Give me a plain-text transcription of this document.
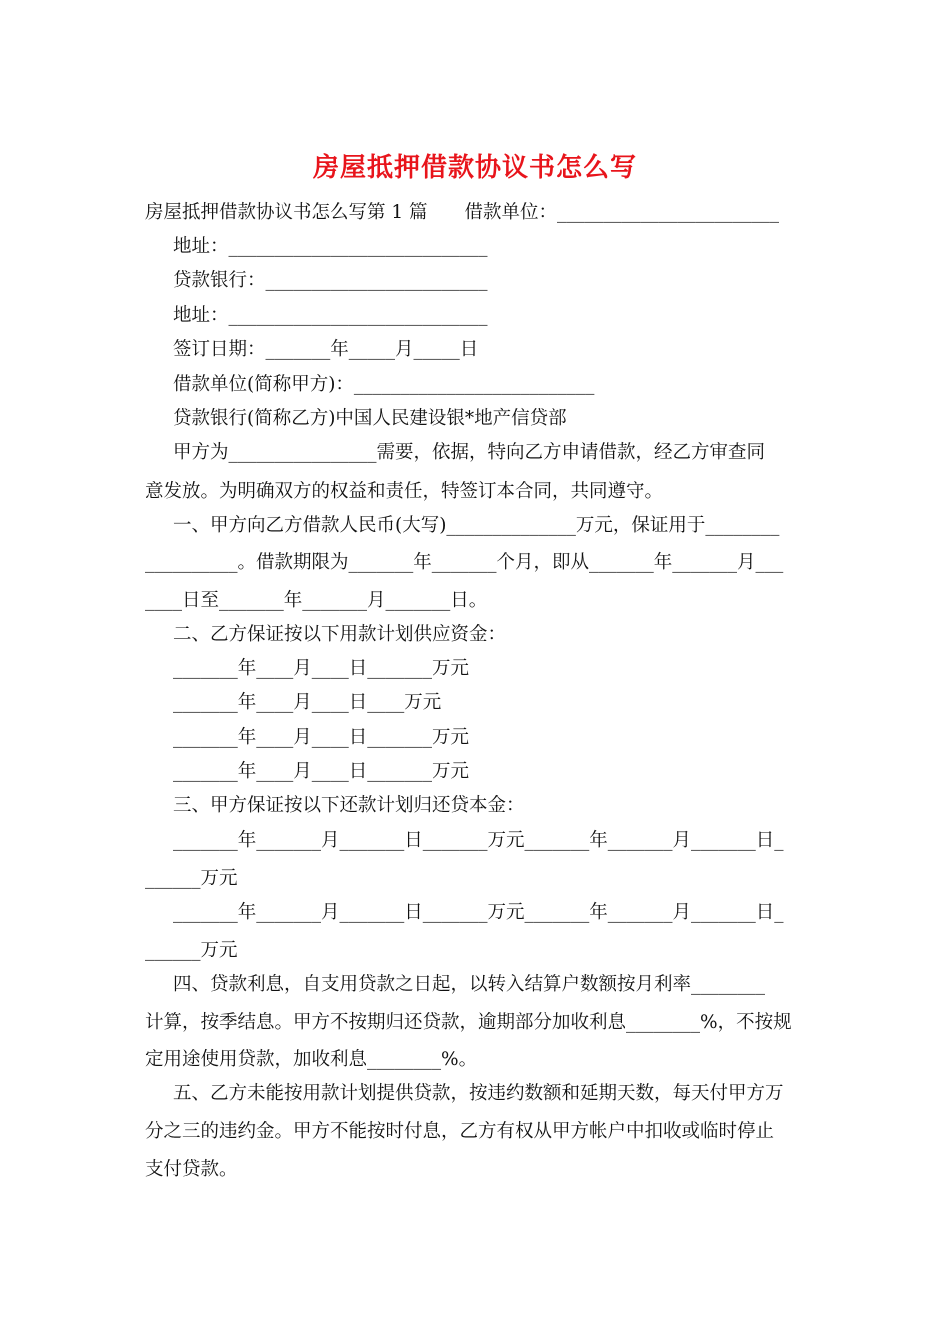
房屋抵押借款协议书怎么写
房屋抵押借款协议书怎么写第 1 篇　　借款单位：________________________
地址：____________________________
贷款银行：________________________
地址：____________________________
签订日期：_______年_____月_____日
借款单位(简称甲方)：__________________________
贷款银行(简称乙方)中国人民建设银*地产信贷部
甲方为________________需要，依据，特向乙方申请借款，经乙方审查同
意发放。为明确双方的权益和责任，特签订本合同，共同遵守。
一、甲方向乙方借款人民币(大写)______________万元，保证用于________
__________。借款期限为_______年_______个月，即从_______年_______月___
____日至_______年_______月_______日。
二、乙方保证按以下用款计划供应资金：
_______年____月____日_______万元
_______年____月____日____万元
_______年____月____日_______万元
_______年____月____日_______万元
三、甲方保证按以下还款计划归还贷本金：
_______年_______月_______日_______万元_______年_______月_______日_
______万元
_______年_______月_______日_______万元_______年_______月_______日_
______万元
四、贷款利息，自支用贷款之日起，以转入结算户数额按月利率________
计算，按季结息。甲方不按期归还贷款，逾期部分加收利息________%，不按规
定用途使用贷款，加收利息________%。
五、乙方未能按用款计划提供贷款，按违约数额和延期天数，每天付甲方万
分之三的违约金。甲方不能按时付息，乙方有权从甲方帐户中扣收或临时停止
支付贷款。
